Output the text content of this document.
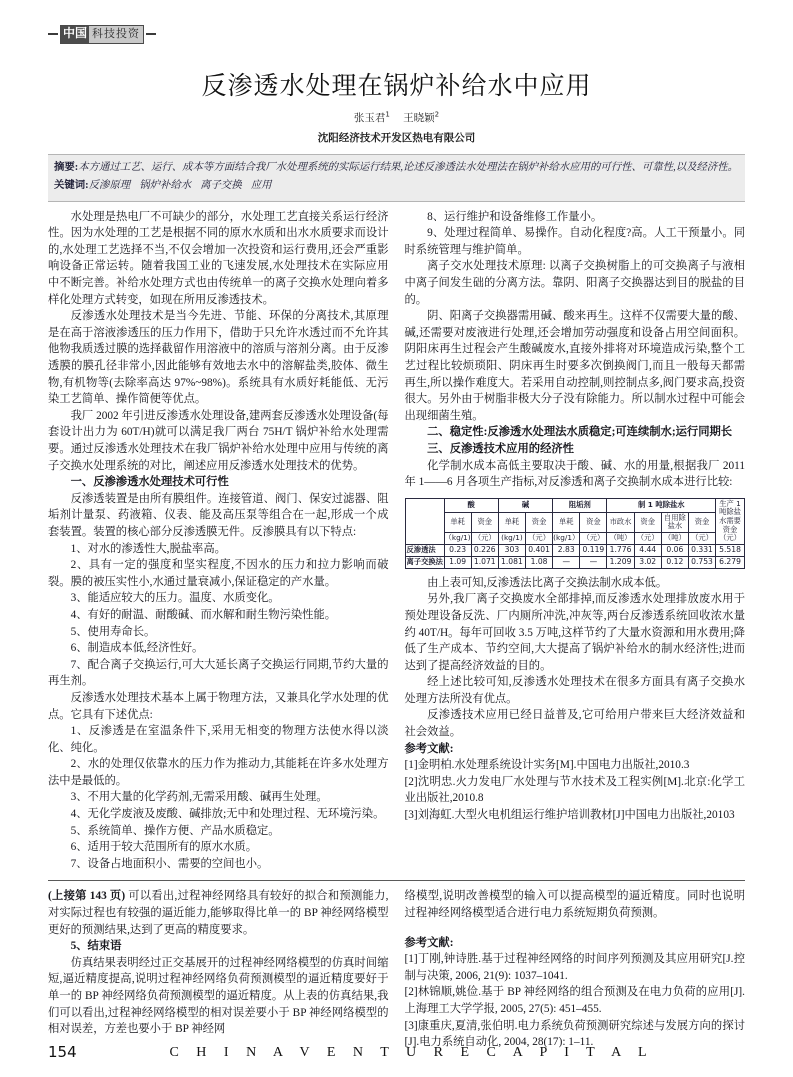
中国 科技投资
反渗透水处理在锅炉补给水中应用
张玉君$^1$ 王晓颖$^2$
沈阳经济技术开发区热电有限公司
摘要:本方通过工艺、运行、成本等方面结合我厂水处理系统的实际运行结果,论述反渗透法水处理法在锅炉补给水应用的可行性、可靠性,以及经济性。
关键词:反渗原理 锅炉补给水 离子交换 应用

水处理是热电厂不可缺少的部分，水处理工艺直接关系运行经济性。因为水处理的工艺是根据不同的原水水质和出水水质要求而设计的,水处理工艺选择不当,不仅会增加一次投资和运行费用,还会严重影响设备正常运转。随着我国工业的飞速发展,水处理技术在实际应用中不断完善。补给水处理方式也由传统单一的离子交换水处理向着多样化处理方式转变，如现在所用反渗透技术。

反渗透水处理技术是当今先进、节能、环保的分离技术,其原理是在高于溶液渗透压的压力作用下，借助于只允许水透过而不允许其他物我质透过膜的选择截留作用溶液中的溶质与溶剂分离。由于反渗透膜的膜孔径非常小,因此能够有效地去水中的溶解盐类,胶体、微生物,有机物等(去除率高达 97%~98%)。系统具有水质好耗能低、无污染工艺简单、操作简便等优点。

我厂 2002 年引进反渗透水处理设备,建两套反渗透水处理设备(每套设计出力为 60T/H)就可以满足我厂两台 75H/T 锅炉补给水处理需要。通过反渗透水处理技术在我厂锅炉补给水处理中应用与传统的离子交换水处理系统的对比，阐述应用反渗透水处理技术的优势。

一、反渗渗透水处理技术可行性

反渗透装置是由所有膜组件。连接管道、阀门、保安过滤器、阻垢剂计量泵、药液箱、仪表、能及高压泵等组合在一起,形成一个成套装置。装置的核心部分反渗透膜无件。反渗膜具有以下特点:

1、对水的渗透性大,脱盐率高。

2、具有一定的强度和坚实程度,不因水的压力和拉力影响而破裂。膜的被压实性小,水通过量衰减小,保证稳定的产水量。

3、能适应较大的压力。温度、水质变化。

4、有好的耐温、耐酸碱、而水解和耐生物污染性能。

5、使用寿命长。

6、制造成本低,经济性好。

7、配合离子交换运行,可大大延长离子交换运行同期,节约大量的再生剂。

反渗透水处理技术基本上属于物理方法，又兼具化学水处理的优点。它具有下述优点:

1、反渗透是在室温条件下,采用无相变的物理方法使水得以淡化、纯化。

2、水的处理仅依靠水的压力作为推动力,其能耗在许多水处理方法中是最低的。

3、不用大量的化学药剂,无需采用酸、碱再生处理。

4、无化学废液及废酸、碱排放;无中和处理过程、无环境污染。

5、系统简单、操作方便、产品水质稳定。

6、适用于较大范围所有的原水水质。

7、设备占地面积小、需要的空间也小。

8、运行维护和设备维修工作量小。

9、处理过程简单、易操作。自动化程度?高。人工干预量小。同时系统管理与维护简单。

离子交水处理技术原理: 以离子交换树脂上的可交换离子与液相中离子间发生础的分离方法。靠阴、阳离子交换器达到目的脱盐的目的。

阴、阳离子交换器需用碱、酸来再生。这样不仅需要大量的酸、碱,还需要对废液进行处理,还会增加劳动强度和设备占用空间面积。阴阳床再生过程会产生酸碱废水,直接外排将对环境造成污染,整个工艺过程比较烦琐阳、阴床再生时要多次倒换阀门,而且一般每天都需再生,所以操作难度大。若采用自动控制,则控制点多,阀门要求高,投资很大。另外由于树脂非极大分子没有除能力。所以制水过程中可能会出现细菌生殖。

二、稳定性:反渗透水处理法水质稳定;可连续制水;运行同期长

三、反渗透技术应用的经济性

化学制水成本高低主要取决于酸、碱、水的用量,根据我厂 2011 年 1——6 月各项生产指标,对反渗透和离子交换制水成本进行比较:

	酸		碱		阻垢剂		制 1 吨除盐水				生产 1 吨除盐水需要资金（元）
	单耗	资金	单耗	资金	单耗	资金	市政水	资金	自用除盐水	资金	
	（kg/1)	（元）	(kg/1)	（元）	(kg/1）	（元）	（吨）	（元）	（吨）	（元）	
反渗透法	0.23	0.226	303	0.401	2.83	0.119	1.776	4.44	0.06	0.331	5.518
离子交换法	1.09	1.071	1.081	1.08	—	—	1.209	3.02	0.12	0.753	6.279

由上表可知,反渗透法比离子交换法制水成本低。

另外,我厂离子交换废水全部排掉,而反渗透水处理排放废水用于预处理设备反洗、厂内厕所冲洗,冲灰等,两台反渗透系统回收浓水量约 40T/H。每年可回收 3.5 万吨,这样节约了大量水资源和用水费用;降低了生产成本、节约空间,大大提高了锅炉补给水的制水经济性;进而达到了提高经济效益的目的。

经上述比较可知,反渗透水处理技术在很多方面具有离子交换水处理方法所没有优点。

反渗透技术应用已经日益普及,它可给用户带来巨大经济效益和社会效益。

参考文献:

[1]金明柏.水处理系统设计实务[M].中国电力出版社,2010.3

[2]沈明忠.火力发电厂水处理与节水技术及工程实例[M].北京:化学工业出版社,2010.8

[3]刘海虹.大型火电机组运行维护培训教材[J]中国电力出版社,20103

(上接第 143 页) 可以看出,过程神经网络具有较好的拟合和预测能力,对实际过程也有较强的逼近能力,能够取得比单一的 BP 神经网络模型更好的预测结果,达到了更高的精度要求。

5、结束语

仿真结果表明经过正交基展开的过程神经网络模型的仿真时间缩短,逼近精度提高,说明过程神经网络负荷预测模型的逼近精度要好于单一的 BP 神经网络负荷预测模型的逼近精度。从上表的仿真结果,我们可以看出,过程神经网络模型的相对误差要小于 BP 神经网络模型的相对误差，方差也要小于 BP 神经网

络模型,说明改善模型的输入可以提高模型的逼近精度。同时也说明过程神经网络模型适合进行电力系统短期负荷预测。

参考文献:

[1]丁刚,钟诗胜.基于过程神经网络的时间序列预测及其应用研究[J.控制与决策, 2006, 21(9): 1037–1041.

[2]林锦顺,姚俭.基于 BP 神经网络的组合预测及在电力负荷的应用[J].上海理工大学学报, 2005, 27(5): 451–455.

[3]康重庆,夏清,张伯明.电力系统负荷预测研究综述与发展方向的探讨[J].电力系统自动化, 2004, 28(17): 1–11.

154	C H I N A V E N T U R E C A P I T A L
